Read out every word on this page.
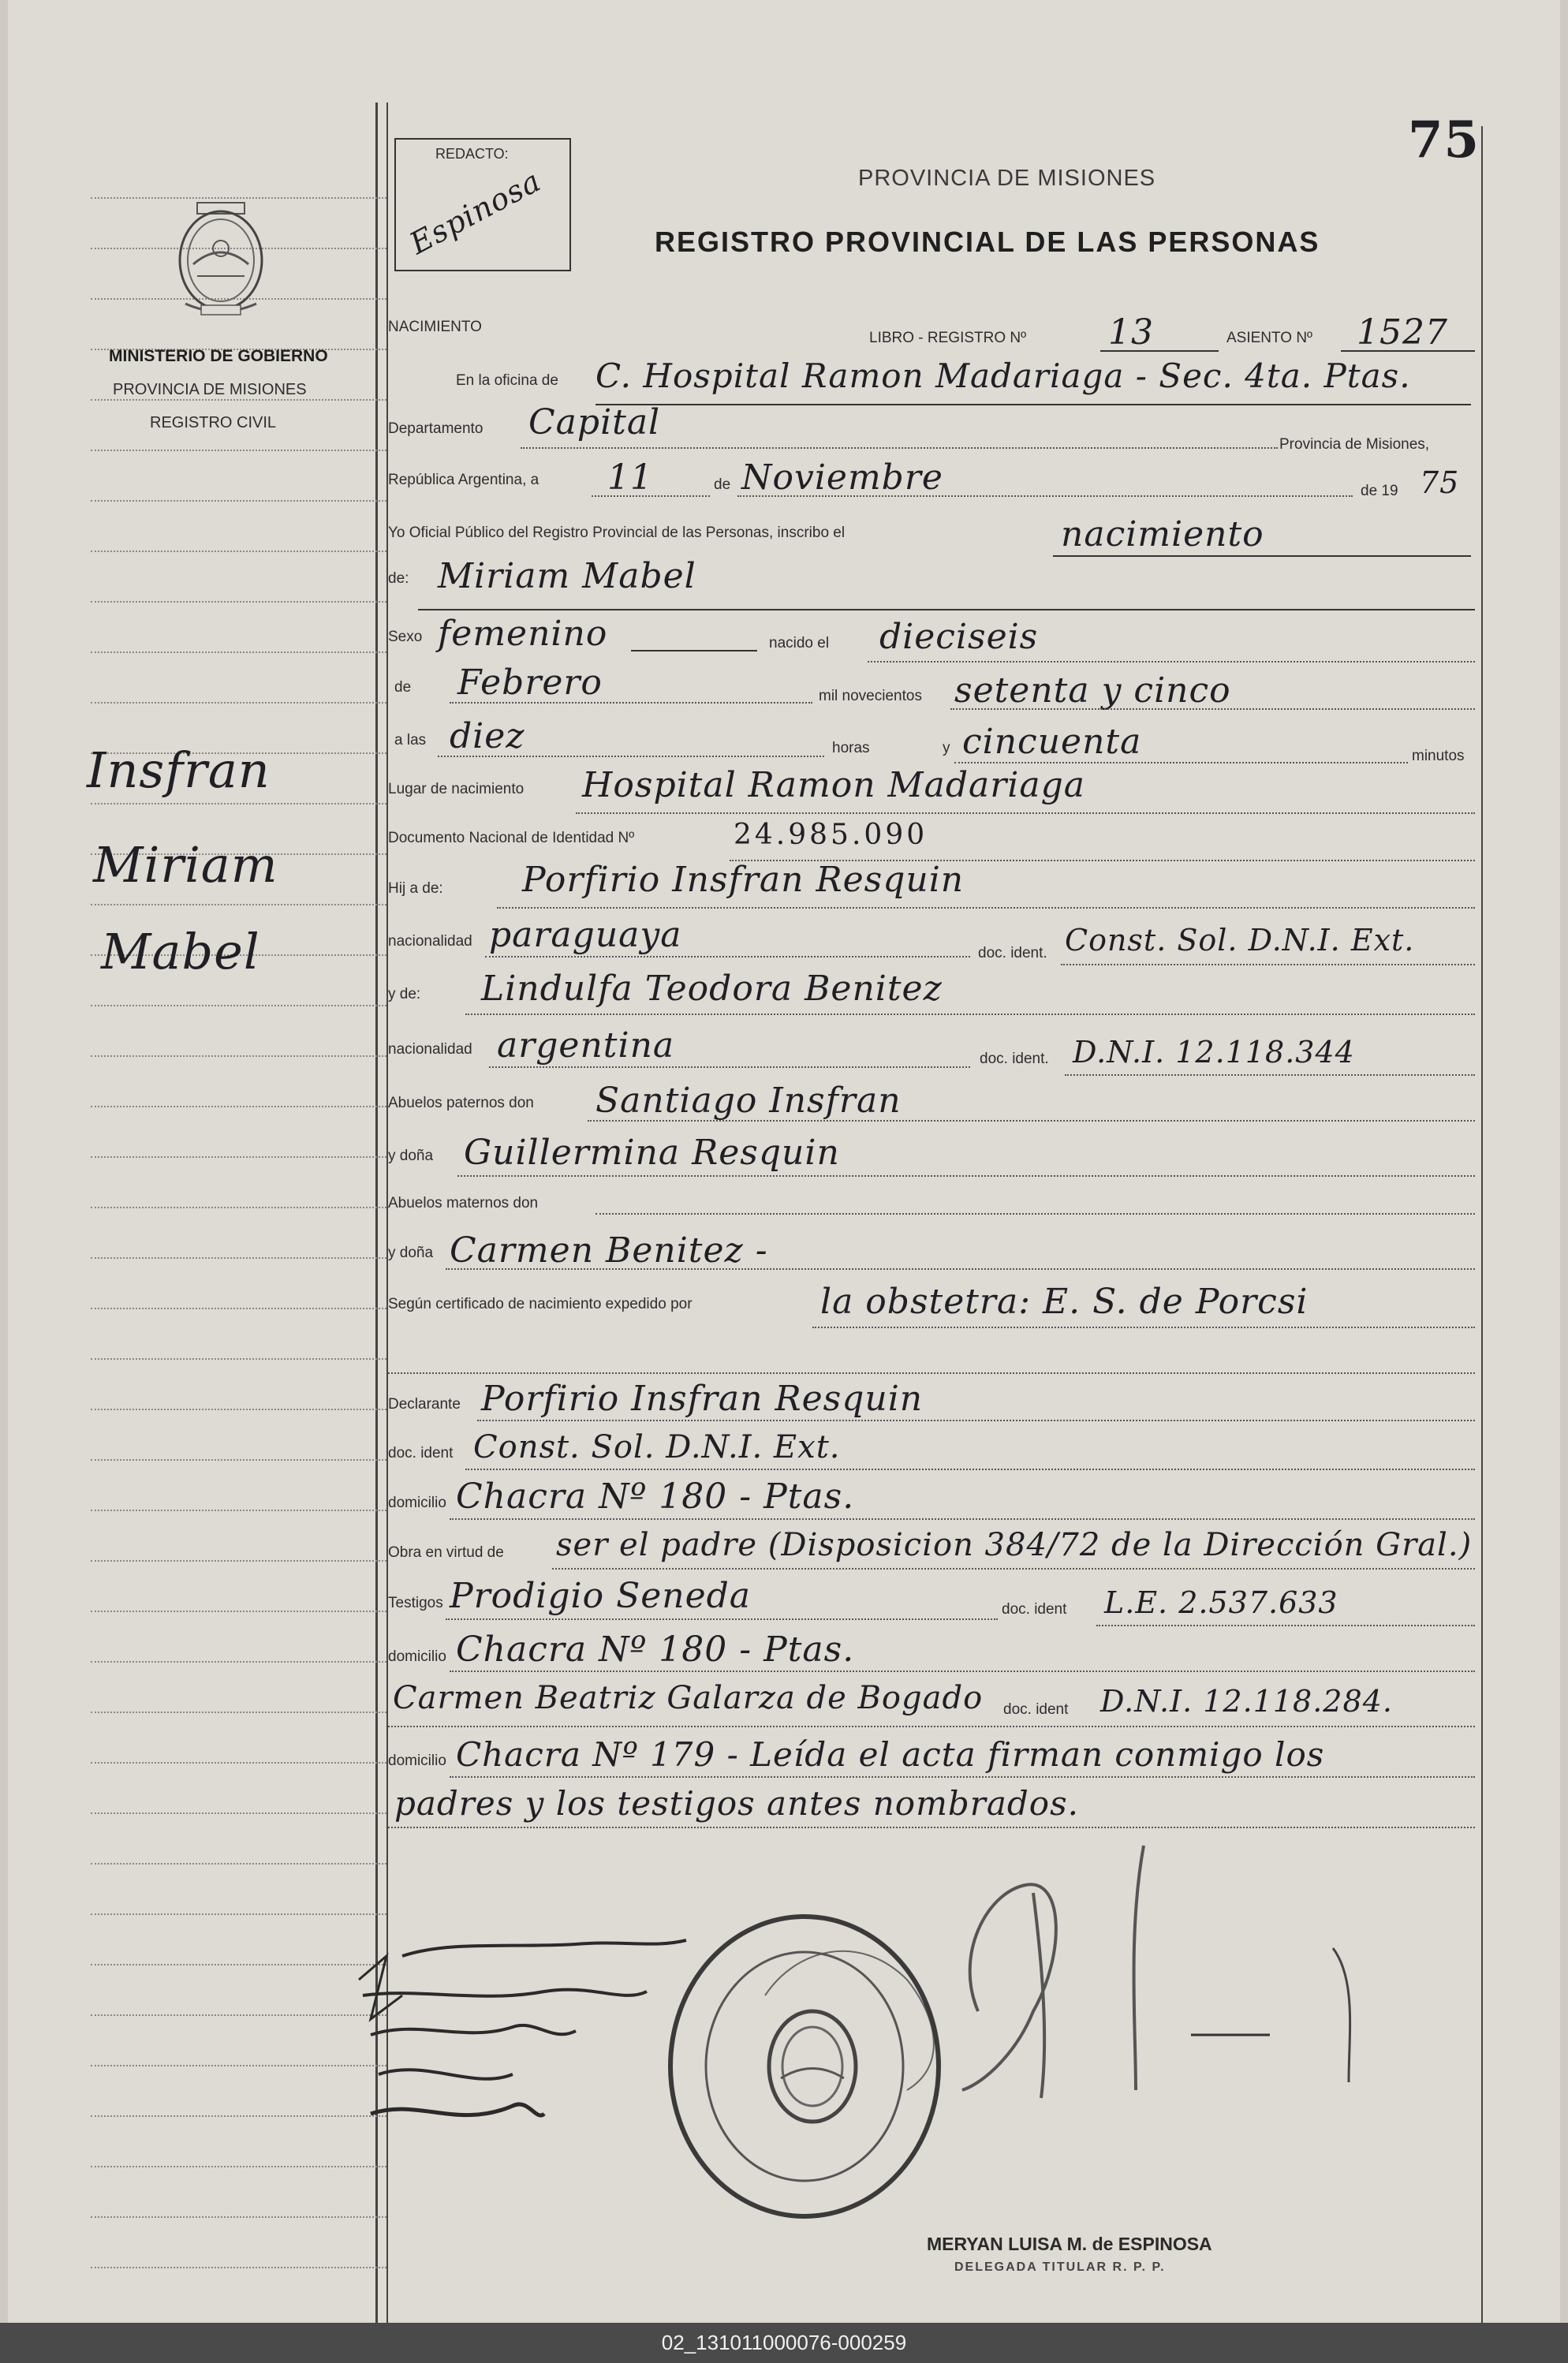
MINISTERIO DE GOBIERNO
PROVINCIA DE MISIONES
REGISTRO CIVIL
Insfran
Miriam
Mabel
REDACTO:
Espinosa
75
PROVINCIA DE MISIONES
REGISTRO PROVINCIAL DE LAS PERSONAS
NACIMIENTO
LIBRO - REGISTRO Nº 13	ASIENTO Nº 1527
En la oficina de C. Hospital Ramon Madariaga - Sec. 4ta. Ptas.
Departamento Capital
Provincia de Misiones,
República Argentina, a 11	de Noviembre	de 19 75
Yo Oficial Público del Registro Provincial de las Personas, inscribo el	nacimiento
de: Miriam Mabel
Sexo femenino	nacido el dieciseis
de Febrero	mil novecientos setenta y cinco
a las diez	horas	y cincuenta	minutos
Lugar de nacimiento Hospital Ramon Madariaga
Documento Nacional de Identidad Nº	24.985.090
Hij a de: Porfirio Insfran Resquin
nacionalidad paraguaya	doc. ident. Const. Sol. D.N.I. Ext.
y de: Lindulfa Teodora Benitez
nacionalidad argentina	doc. ident. D.N.I. 12.118.344
Abuelos paternos don Santiago Insfran
y doña Guillermina Resquin
Abuelos maternos don
y doña Carmen Benitez -
Según certificado de nacimiento expedido por	la obstetra: E. S. de Porcsi
Declarante Porfirio Insfran Resquin
doc. ident Const. Sol. D.N.I. Ext.
domicilio Chacra Nº 180 - Ptas.
Obra en virtud de ser el padre (Disposicion 384/72 de la Dirección Gral.)
Testigos Prodigio Seneda	doc. ident L.E. 2.537.633
domicilio Chacra Nº 180 - Ptas.
Carmen Beatriz Galarza de Bogado doc. ident D.N.I. 12.118.284.
domicilio Chacra Nº 179 - Leída el acta firman conmigo los
padres y los testigos antes nombrados.
MERYAN LUISA M. de ESPINOSA
DELEGADA TITULAR R. P. P.
02_131011000076-000259
